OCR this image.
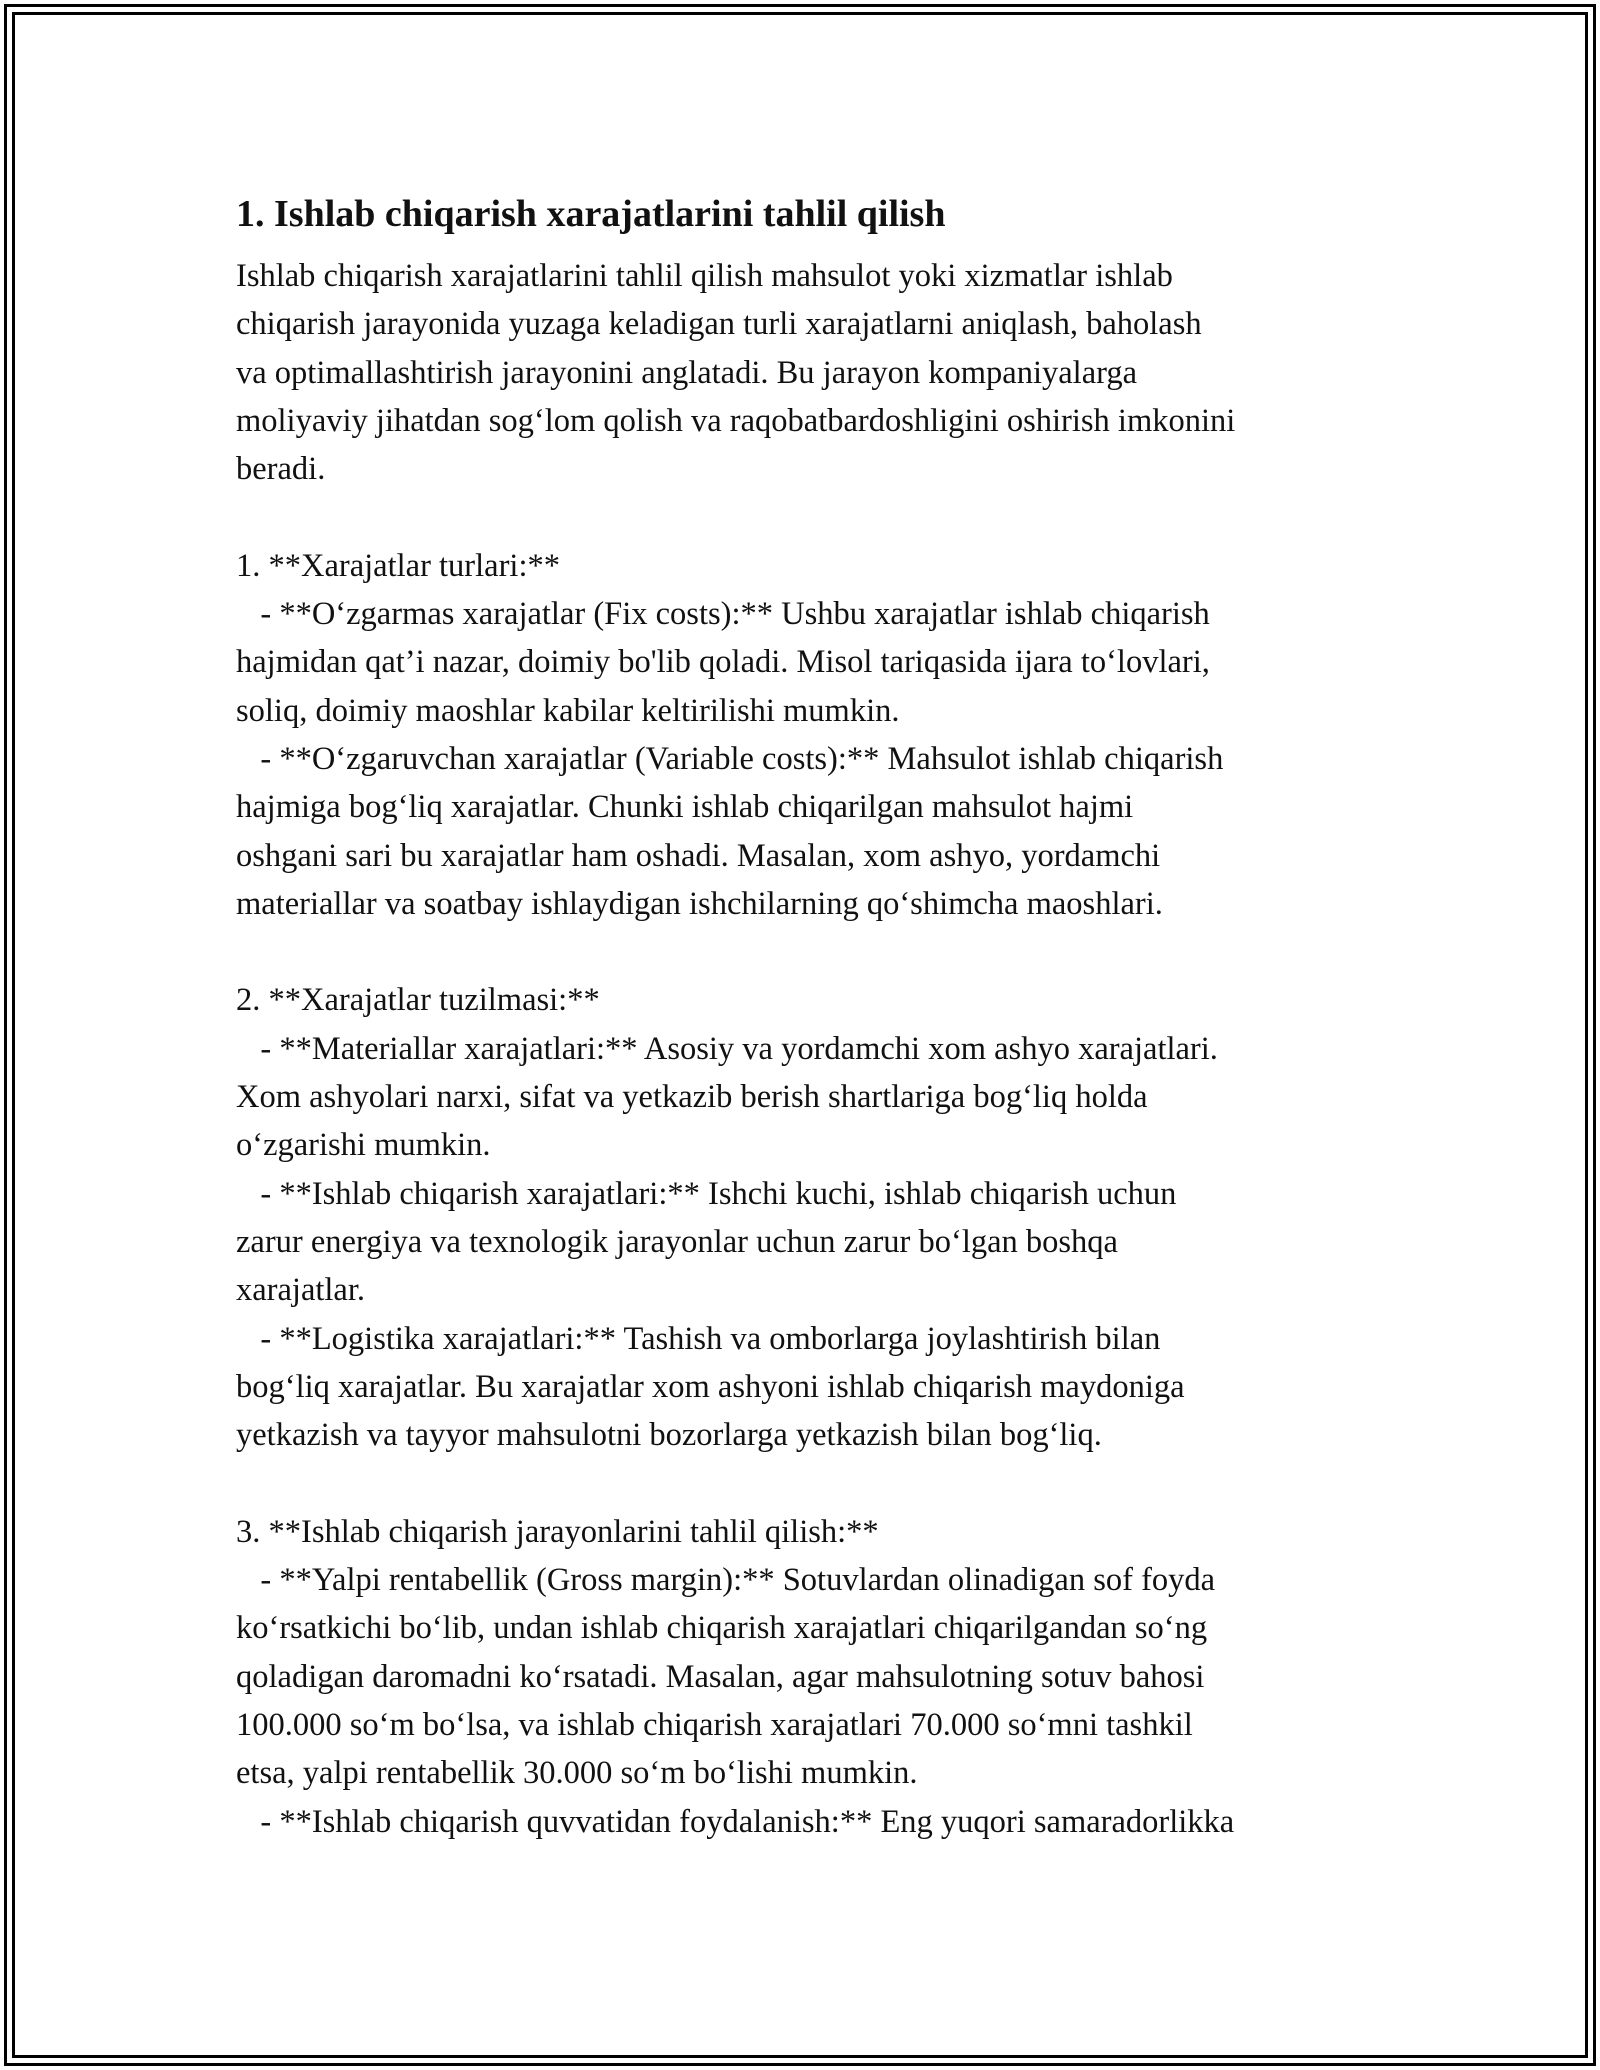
1. Ishlab chiqarish xarajatlarini tahlil qilish
Ishlab chiqarish xarajatlarini tahlil qilish mahsulot yoki xizmatlar ishlab
chiqarish jarayonida yuzaga keladigan turli xarajatlarni aniqlash, baholash
va optimallashtirish jarayonini anglatadi. Bu jarayon kompaniyalarga
moliyaviy jihatdan sog‘lom qolish va raqobatbardoshligini oshirish imkonini
beradi.
1. **Xarajatlar turlari:**
- **O‘zgarmas xarajatlar (Fix costs):** Ushbu xarajatlar ishlab chiqarish
hajmidan qat’i nazar, doimiy bo'lib qoladi. Misol tariqasida ijara to‘lovlari,
soliq, doimiy maoshlar kabilar keltirilishi mumkin.
- **O‘zgaruvchan xarajatlar (Variable costs):** Mahsulot ishlab chiqarish
hajmiga bog‘liq xarajatlar. Chunki ishlab chiqarilgan mahsulot hajmi
oshgani sari bu xarajatlar ham oshadi. Masalan, xom ashyo, yordamchi
materiallar va soatbay ishlaydigan ishchilarning qo‘shimcha maoshlari.
2. **Xarajatlar tuzilmasi:**
- **Materiallar xarajatlari:** Asosiy va yordamchi xom ashyo xarajatlari.
Xom ashyolari narxi, sifat va yetkazib berish shartlariga bog‘liq holda
o‘zgarishi mumkin.
- **Ishlab chiqarish xarajatlari:** Ishchi kuchi, ishlab chiqarish uchun
zarur energiya va texnologik jarayonlar uchun zarur bo‘lgan boshqa
xarajatlar.
- **Logistika xarajatlari:** Tashish va omborlarga joylashtirish bilan
bog‘liq xarajatlar. Bu xarajatlar xom ashyoni ishlab chiqarish maydoniga
yetkazish va tayyor mahsulotni bozorlarga yetkazish bilan bog‘liq.
3. **Ishlab chiqarish jarayonlarini tahlil qilish:**
- **Yalpi rentabellik (Gross margin):** Sotuvlardan olinadigan sof foyda
ko‘rsatkichi bo‘lib, undan ishlab chiqarish xarajatlari chiqarilgandan so‘ng
qoladigan daromadni ko‘rsatadi. Masalan, agar mahsulotning sotuv bahosi
100.000 so‘m bo‘lsa, va ishlab chiqarish xarajatlari 70.000 so‘mni tashkil
etsa, yalpi rentabellik 30.000 so‘m bo‘lishi mumkin.
- **Ishlab chiqarish quvvatidan foydalanish:** Eng yuqori samaradorlikka
